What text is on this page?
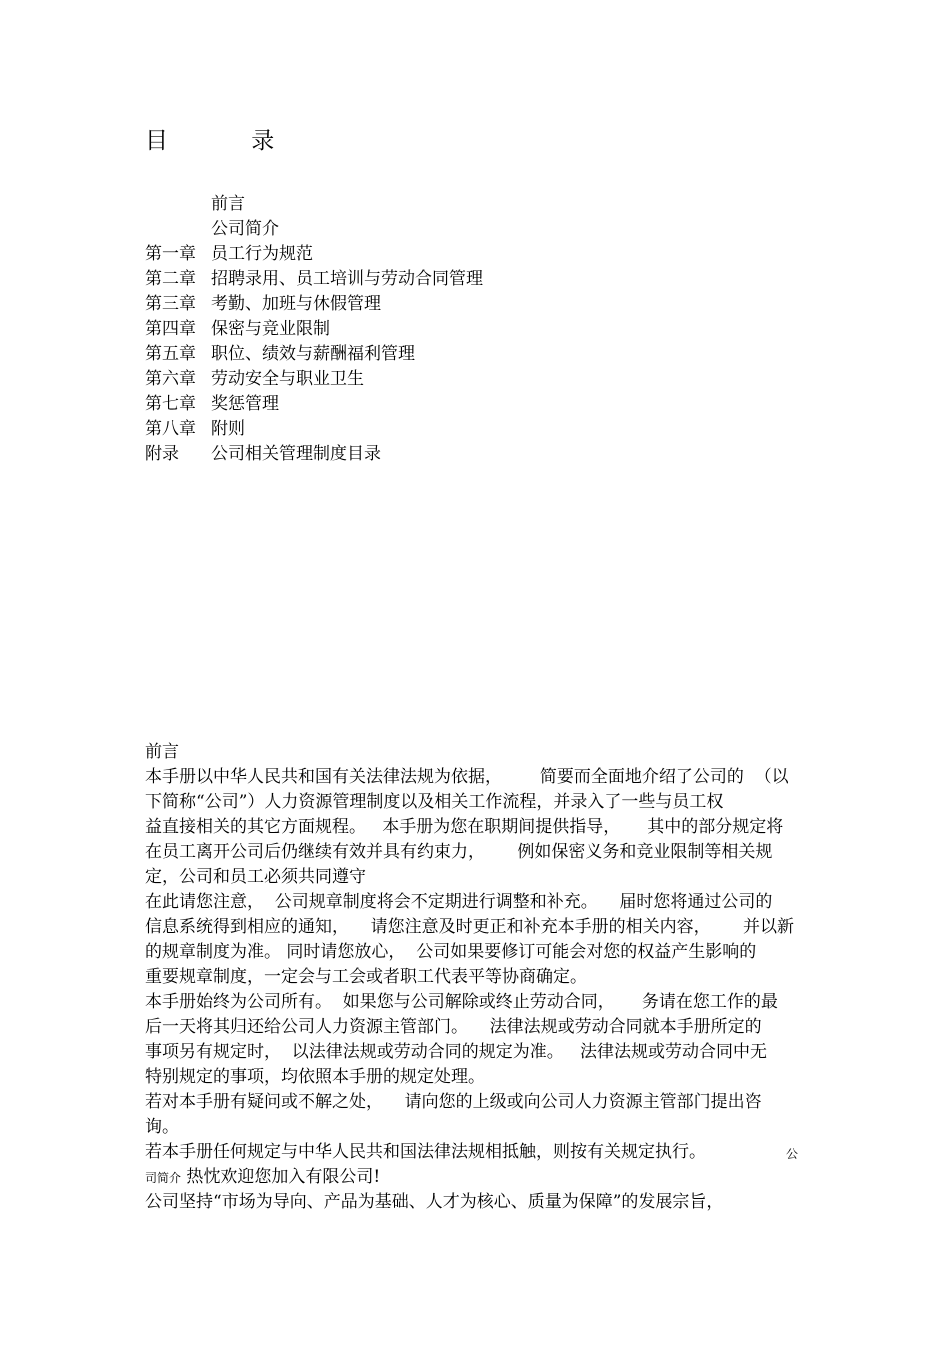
目 录
前言
公司简介
第一章 员工行为规范
第二章 招聘录用、员工培训与劳动合同管理
第三章 考勤、加班与休假管理
第四章 保密与竞业限制
第五章 职位、绩效与薪酬福利管理
第六章 劳动安全与职业卫生
第七章 奖惩管理
第八章 附则
附录 公司相关管理制度目录
前言

本手册以中华人民共和国有关法律法规为依据，       简要而全面地介绍了公司的  （以

下简称“公司”）人力资源管理制度以及相关工作流程，并录入了一些与员工权

益直接相关的其它方面规程。   本手册为您在职期间提供指导，     其中的部分规定将

在员工离开公司后仍继续有效并具有约束力，      例如保密义务和竞业限制等相关规

定，公司和员工必须共同遵守

在此请您注意，  公司规章制度将会不定期进行调整和补充。    届时您将通过公司的

信息系统得到相应的通知，    请您注意及时更正和补充本手册的相关内容，      并以新

的规章制度为准。 同时请您放心，  公司如果要修订可能会对您的权益产生影响的

重要规章制度，一定会与工会或者职工代表平等协商确定。

本手册始终为公司所有。  如果您与公司解除或终止劳动合同，     务请在您工作的最

后一天将其归还给公司人力资源主管部门。    法律法规或劳动合同就本手册所定的

事项另有规定时，  以法律法规或劳动合同的规定为准。   法律法规或劳动合同中无

特别规定的事项，均依照本手册的规定处理。

若对本手册有疑问或不解之处，    请向您的上级或向公司人力资源主管部门提出咨

询。

若本手册任何规定与中华人民共和国法律法规相抵触，则按有关规定执行。	公

司简介 热忱欢迎您加入有限公司!

公司坚持“市场为导向、产品为基础、人才为核心、质量为保障”的发展宗旨，
